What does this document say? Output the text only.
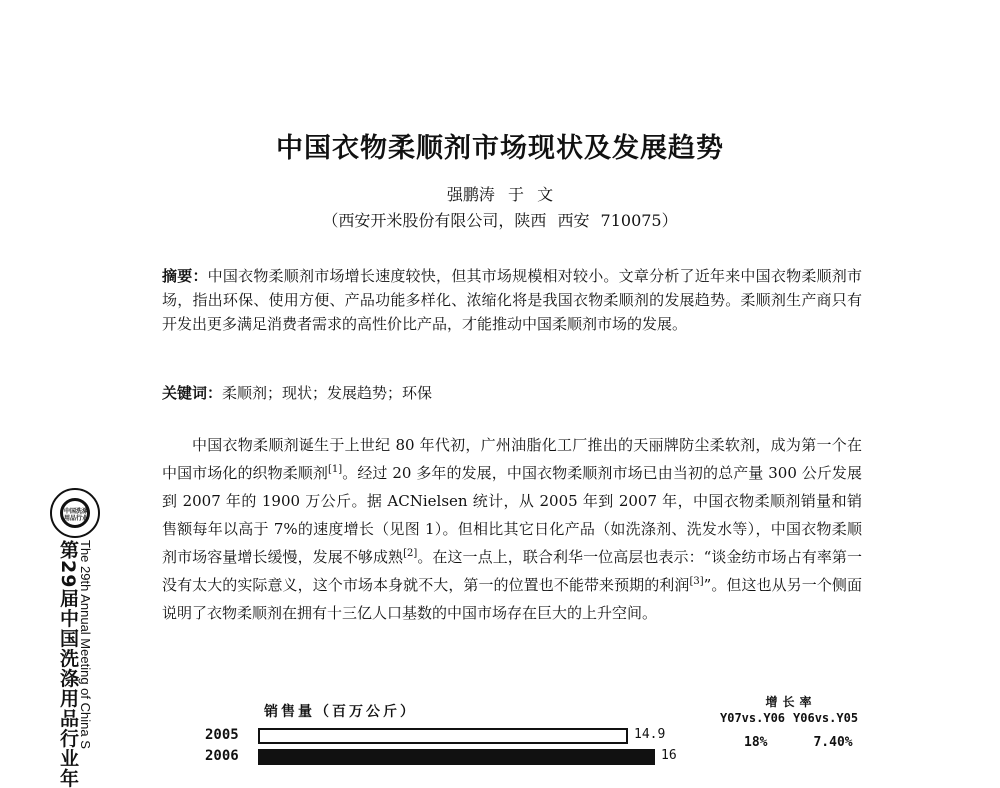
中国衣物柔顺剂市场现状及发展趋势
强鹏涛 于 文
（西安开米股份有限公司，陕西 西安 710075）
摘要：中国衣物柔顺剂市场增长速度较快，但其市场规模相对较小。文章分析了近年来中国衣物柔顺剂市场，指出环保、使用方便、产品功能多样化、浓缩化将是我国衣物柔顺剂的发展趋势。柔顺剂生产商只有开发出更多满足消费者需求的高性价比产品，才能推动中国柔顺剂市场的发展。
关键词：柔顺剂；现状；发展趋势；环保
中国衣物柔顺剂诞生于上世纪 80 年代初，广州油脂化工厂推出的天丽牌防尘柔软剂，成为第一个在中国市场化的织物柔顺剂[1]。经过 20 多年的发展，中国衣物柔顺剂市场已由当初的总产量 300 公斤发展到 2007 年的 1900 万公斤。据 ACNielsen 统计，从 2005 年到 2007 年，中国衣物柔顺剂销量和销售额每年以高于 7%的速度增长（见图 1）。但相比其它日化产品（如洗涤剂、洗发水等），中国衣物柔顺剂市场容量增长缓慢，发展不够成熟[2]。在这一点上，联合利华一位高层也表示：“谈金纺市场占有率第一没有太大的实际意义，这个市场本身就不大，第一的位置也不能带来预期的利润[3]”。但这也从另一个侧面说明了衣物柔顺剂在拥有十三亿人口基数的中国市场存在巨大的上升空间。
中国洗涤
用品行业
The 29th Annual Meeting of China S
第29届中国洗涤用品行业年	销售量（百万公斤）
增长率
Y07vs.Y06 Y06vs.Y05
18%	7.40%
2005	14.9
2006	16
